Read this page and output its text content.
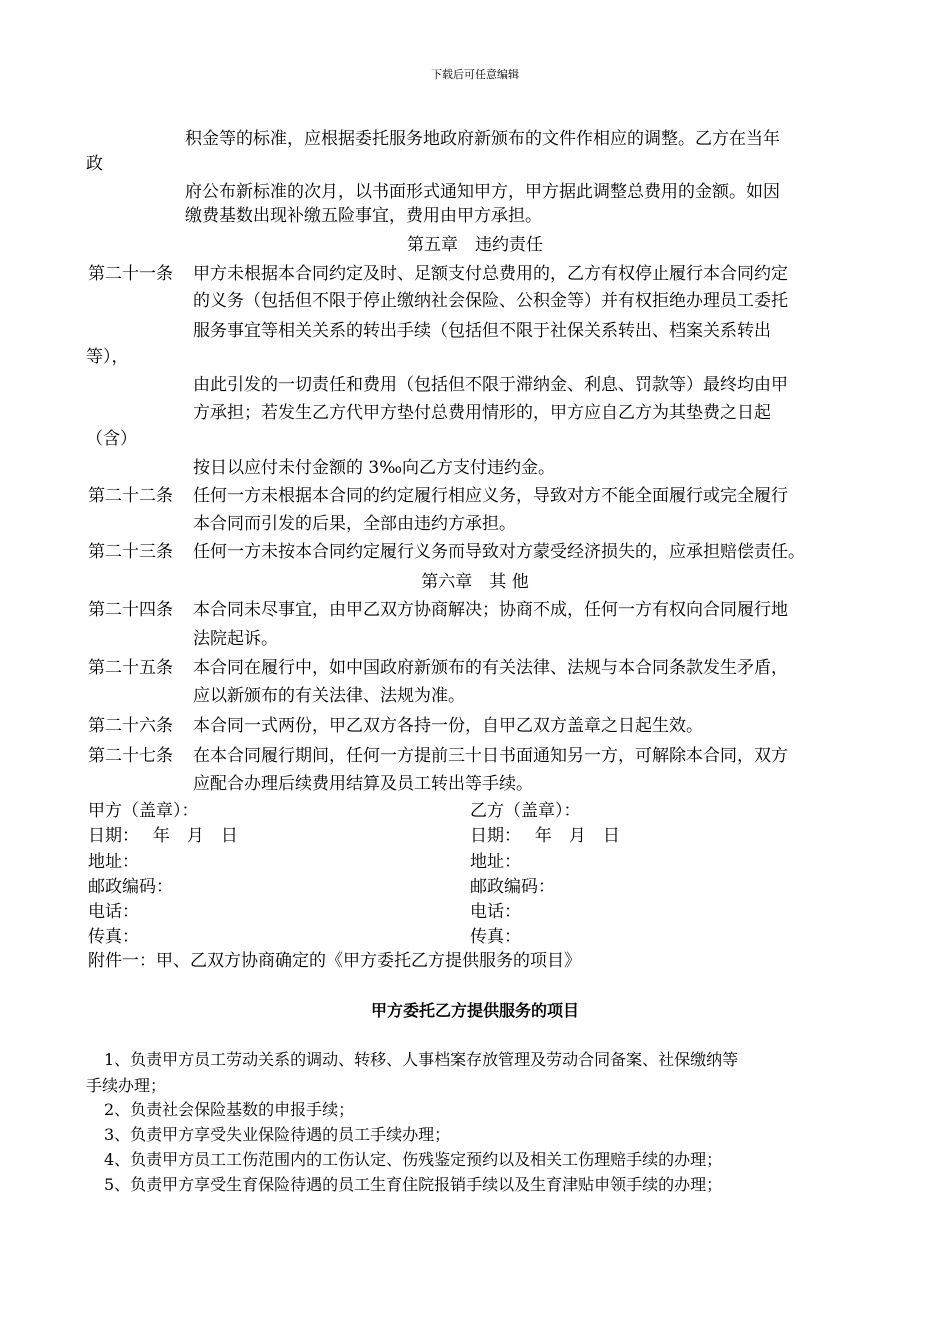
下载后可任意编辑
积金等的标准，应根据委托服务地政府新颁布的文件作相应的调整。乙方在当年
政
府公布新标准的次月，以书面形式通知甲方，甲方据此调整总费用的金额。如因
缴费基数出现补缴五险事宜，费用由甲方承担。
第五章　违约责任
第二十一条 甲方未根据本合同约定及时、足额支付总费用的，乙方有权停止履行本合同约定
的义务（包括但不限于停止缴纳社会保险、公积金等）并有权拒绝办理员工委托
服务事宜等相关关系的转出手续（包括但不限于社保关系转出、档案关系转出
等），
由此引发的一切责任和费用（包括但不限于滞纳金、利息、罚款等）最终均由甲
方承担；若发生乙方代甲方垫付总费用情形的，甲方应自乙方为其垫费之日起
（含）
按日以应付未付金额的 3‰向乙方支付违约金。
第二十二条 任何一方未根据本合同的约定履行相应义务，导致对方不能全面履行或完全履行
本合同而引发的后果，全部由违约方承担。
第二十三条 任何一方未按本合同约定履行义务而导致对方蒙受经济损失的，应承担赔偿责任。
第六章　其 他
第二十四条 本合同未尽事宜，由甲乙双方协商解决；协商不成，任何一方有权向合同履行地
法院起诉。
第二十五条 本合同在履行中，如中国政府新颁布的有关法律、法规与本合同条款发生矛盾，
应以新颁布的有关法律、法规为准。
第二十六条 本合同一式两份，甲乙双方各持一份，自甲乙双方盖章之日起生效。
第二十七条 在本合同履行期间，任何一方提前三十日书面通知另一方，可解除本合同，双方
应配合办理后续费用结算及员工转出等手续。
甲方（盖章）：	乙方（盖章）：
日期：　 年　月　日	日期：　 年　月　日
地址：	地址：
邮政编码：	邮政编码：
电话：	电话：
传真：	传真：
附件一：甲、乙双方协商确定的《甲方委托乙方提供服务的项目》
甲方委托乙方提供服务的项目
1、负责甲方员工劳动关系的调动、转移、人事档案存放管理及劳动合同备案、社保缴纳等
手续办理；
2、负责社会保险基数的申报手续；
3、负责甲方享受失业保险待遇的员工手续办理；
4、负责甲方员工工伤范围内的工伤认定、伤残鉴定预约以及相关工伤理赔手续的办理；
5、负责甲方享受生育保险待遇的员工生育住院报销手续以及生育津贴申领手续的办理；
